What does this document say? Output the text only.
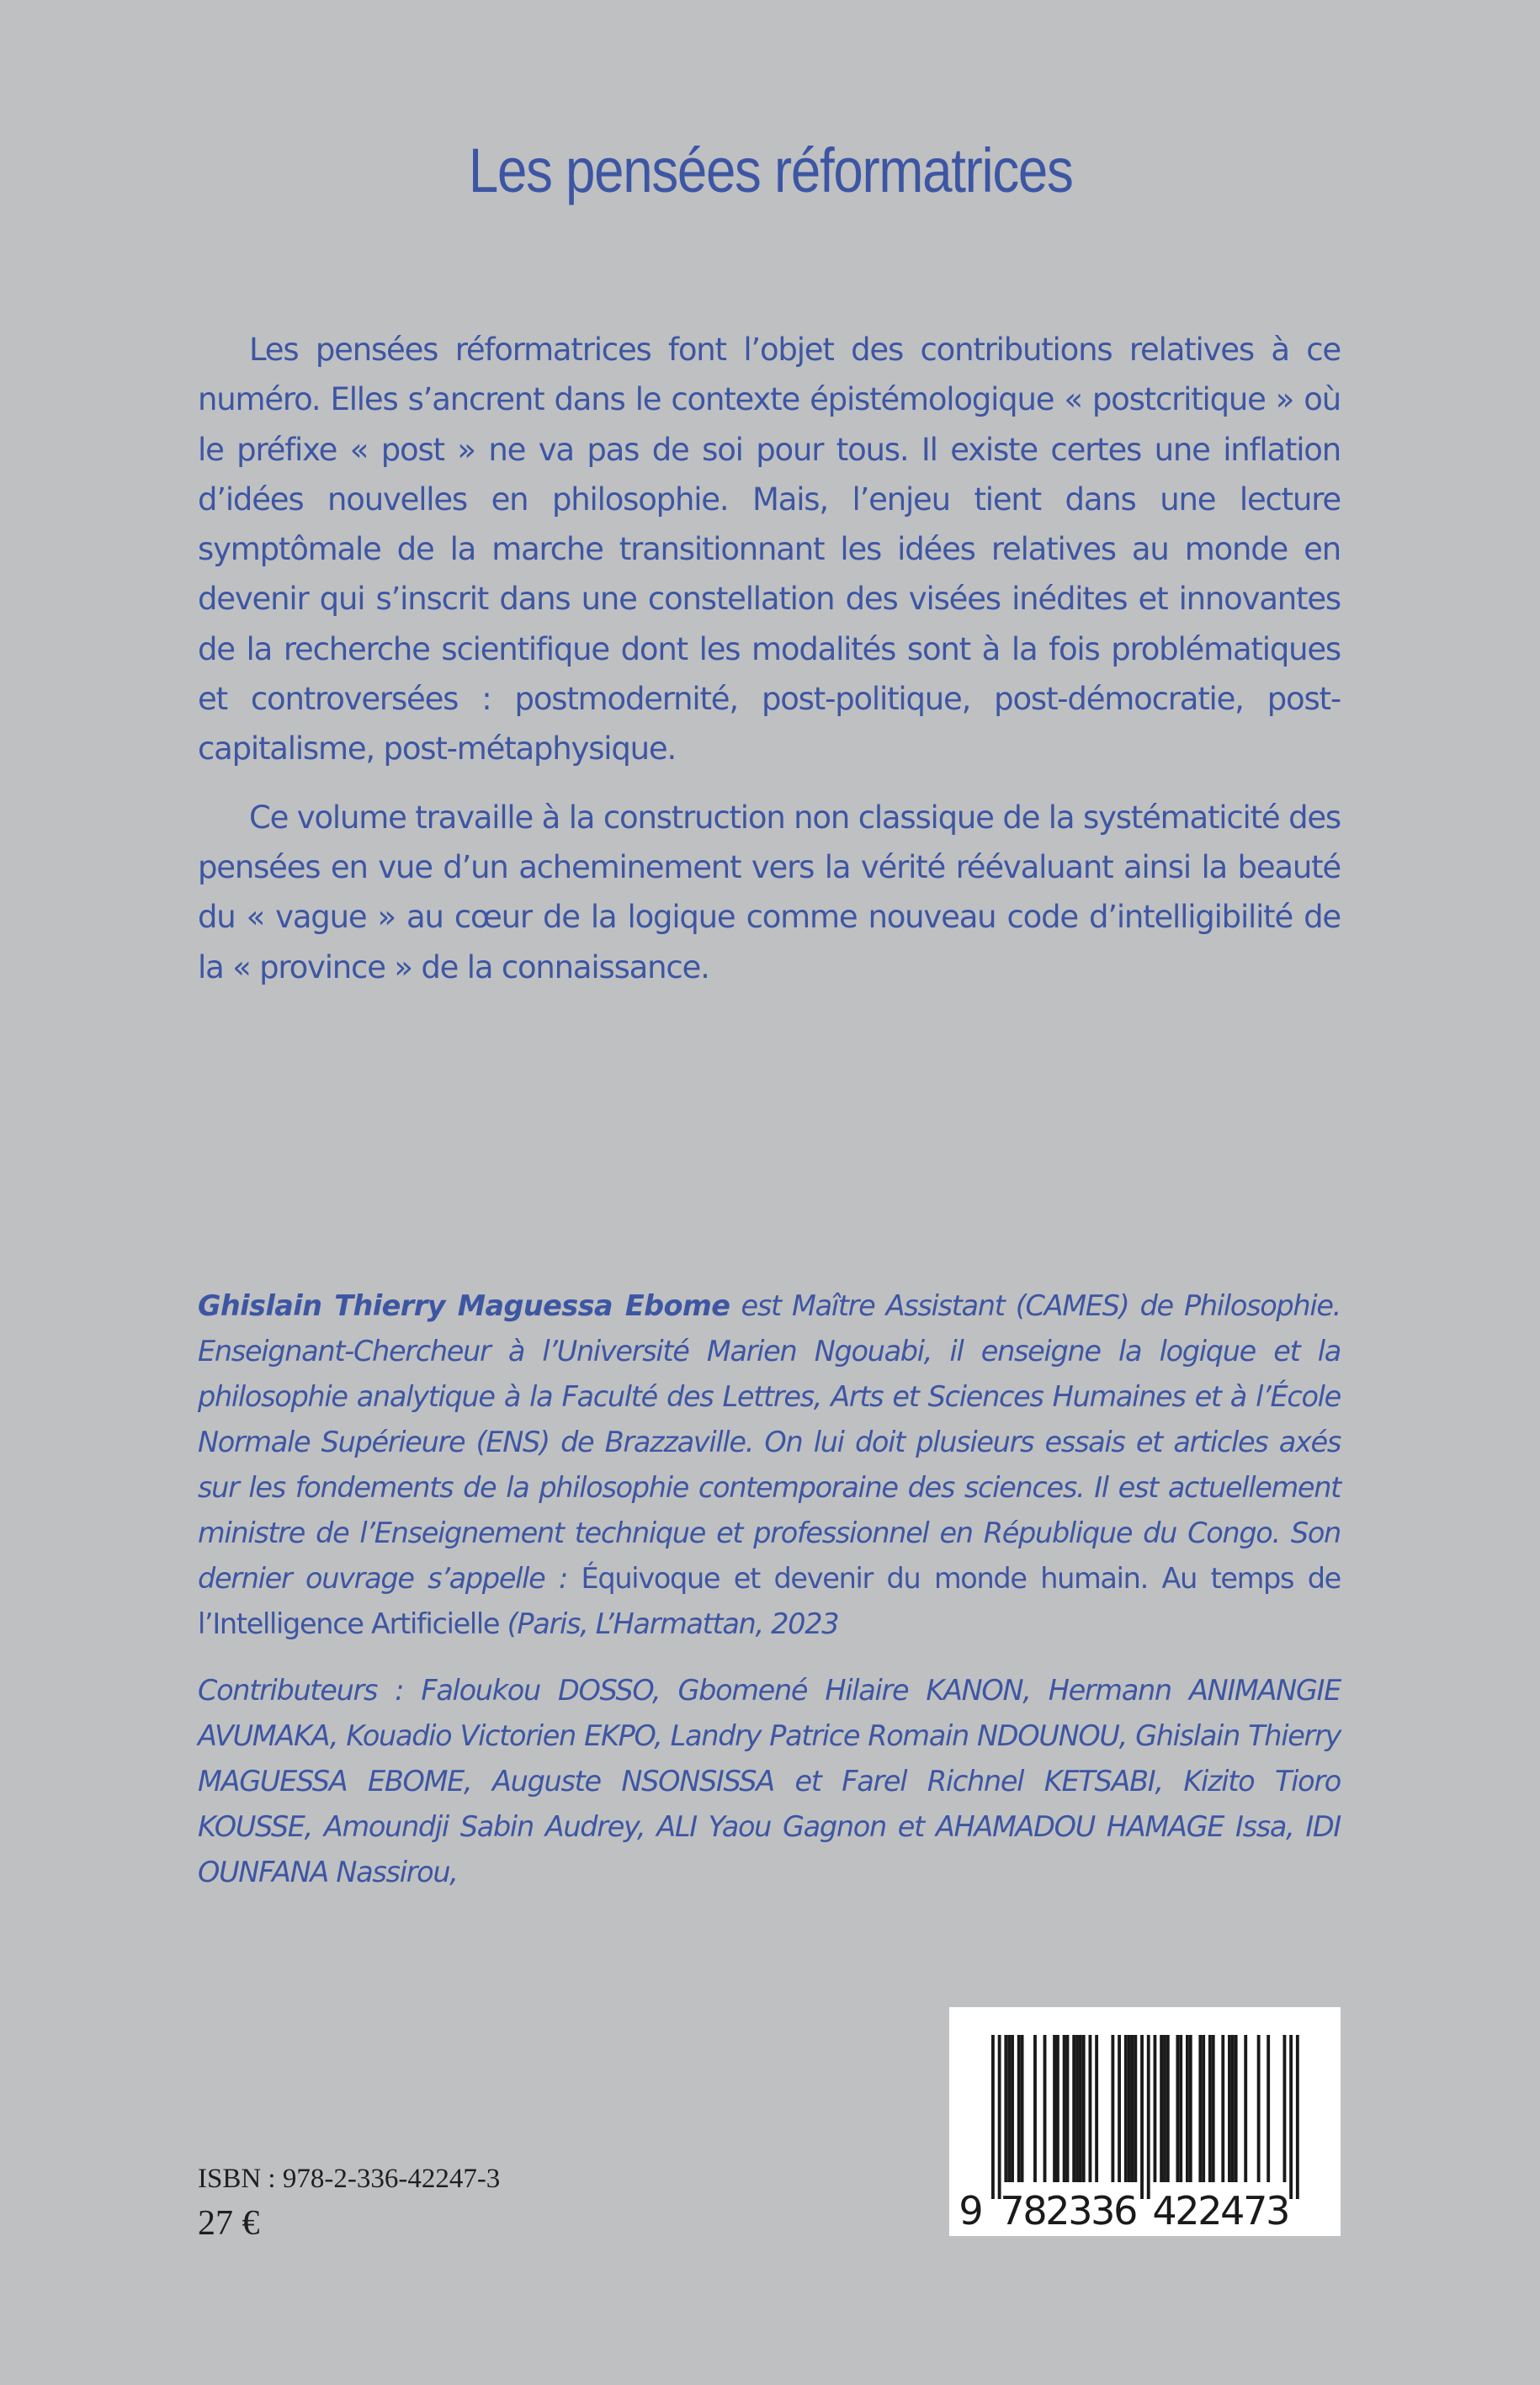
Les pensées réformatrices

Les pensées réformatrices font l’objet des contributions relatives à ce numéro. Elles s’ancrent dans le contexte épistémologique « postcritique » où le préfixe « post » ne va pas de soi pour tous. Il existe certes une inflation d’idées nouvelles en philosophie. Mais, l’enjeu tient dans une lecture symptômale de la marche transitionnant les idées relatives au monde en devenir qui s’inscrit dans une constellation des visées inédites et innovantes de la recherche scientifique dont les modalités sont à la fois problématiques et controversées : postmodernité, post-politique, post-démocratie, post-capitalisme, post-métaphysique.

Ce volume travaille à la construction non classique de la systématicité des pensées en vue d’un acheminement vers la vérité réévaluant ainsi la beauté du « vague » au cœur de la logique comme nouveau code d’intelligibilité de la « province » de la connaissance.

Ghislain Thierry Maguessa Ebome est Maître Assistant (CAMES) de Philosophie. Enseignant-Chercheur à l’Université Marien Ngouabi, il enseigne la logique et la philosophie analytique à la Faculté des Lettres, Arts et Sciences Humaines et à l’École Normale Supérieure (ENS) de Brazzaville. On lui doit plusieurs essais et articles axés sur les fondements de la philosophie contemporaine des sciences. Il est actuellement ministre de l’Enseignement technique et professionnel en République du Congo. Son dernier ouvrage s’appelle : Équivoque et devenir du monde humain. Au temps de l’Intelligence Artificielle (Paris, L’Harmattan, 2023

Contributeurs : Faloukou DOSSO, Gbomené Hilaire KANON, Hermann ANIMANGIE AVUMAKA, Kouadio Victorien EKPO, Landry Patrice Romain NDOUNOU, Ghislain Thierry MAGUESSA EBOME, Auguste NSONSISSA et Farel Richnel KETSABI, Kizito Tioro KOUSSE, Amoundji Sabin Audrey, ALI Yaou Gagnon et AHAMADOU HAMAGE Issa, IDI OUNFANA Nassirou,

ISBN : 978-2-336-42247-3
27 €	9 7
8
2
3
3
6 4
2
2
4
7
3
